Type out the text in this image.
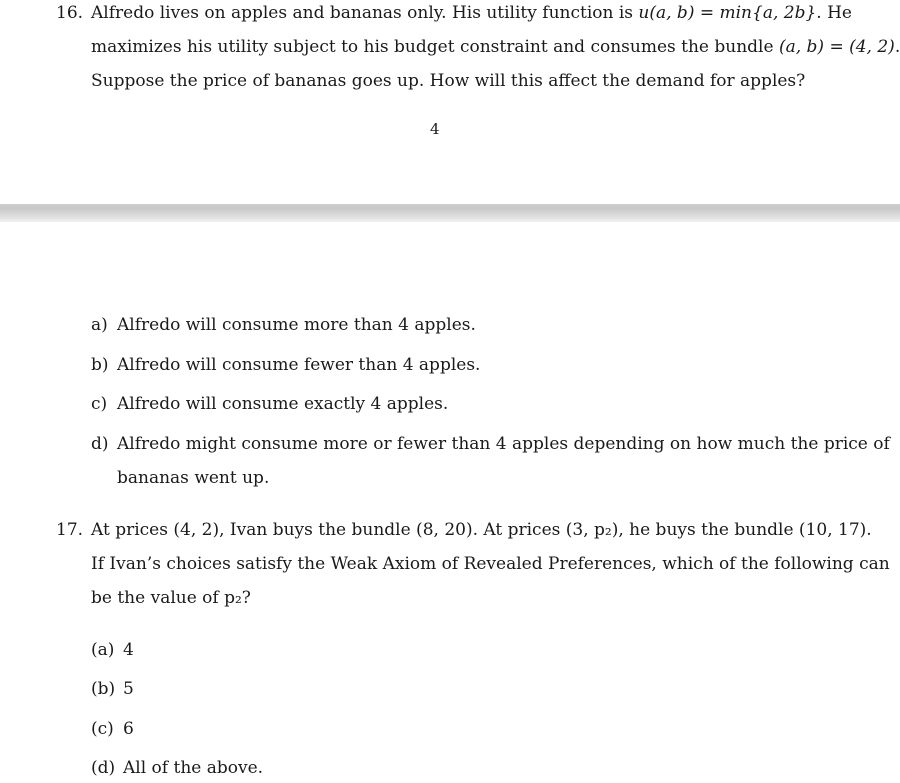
16. Alfredo lives on apples and bananas only. His utility function is u(a, b) = min{a, 2b}. He
maximizes his utility subject to his budget constraint and consumes the bundle (a, b) = (4, 2).
Suppose the price of bananas goes up. How will this affect the demand for apples?
4
a) Alfredo will consume more than 4 apples.
b) Alfredo will consume fewer than 4 apples.
c) Alfredo will consume exactly 4 apples.
d) Alfredo might consume more or fewer than 4 apples depending on how much the price of
bananas went up.
17. At prices (4, 2), Ivan buys the bundle (8, 20). At prices (3, p₂), he buys the bundle (10, 17).
If Ivan’s choices satisfy the Weak Axiom of Revealed Preferences, which of the following can
be the value of p₂?
(a) 4
(b) 5
(c) 6
(d) All of the above.
